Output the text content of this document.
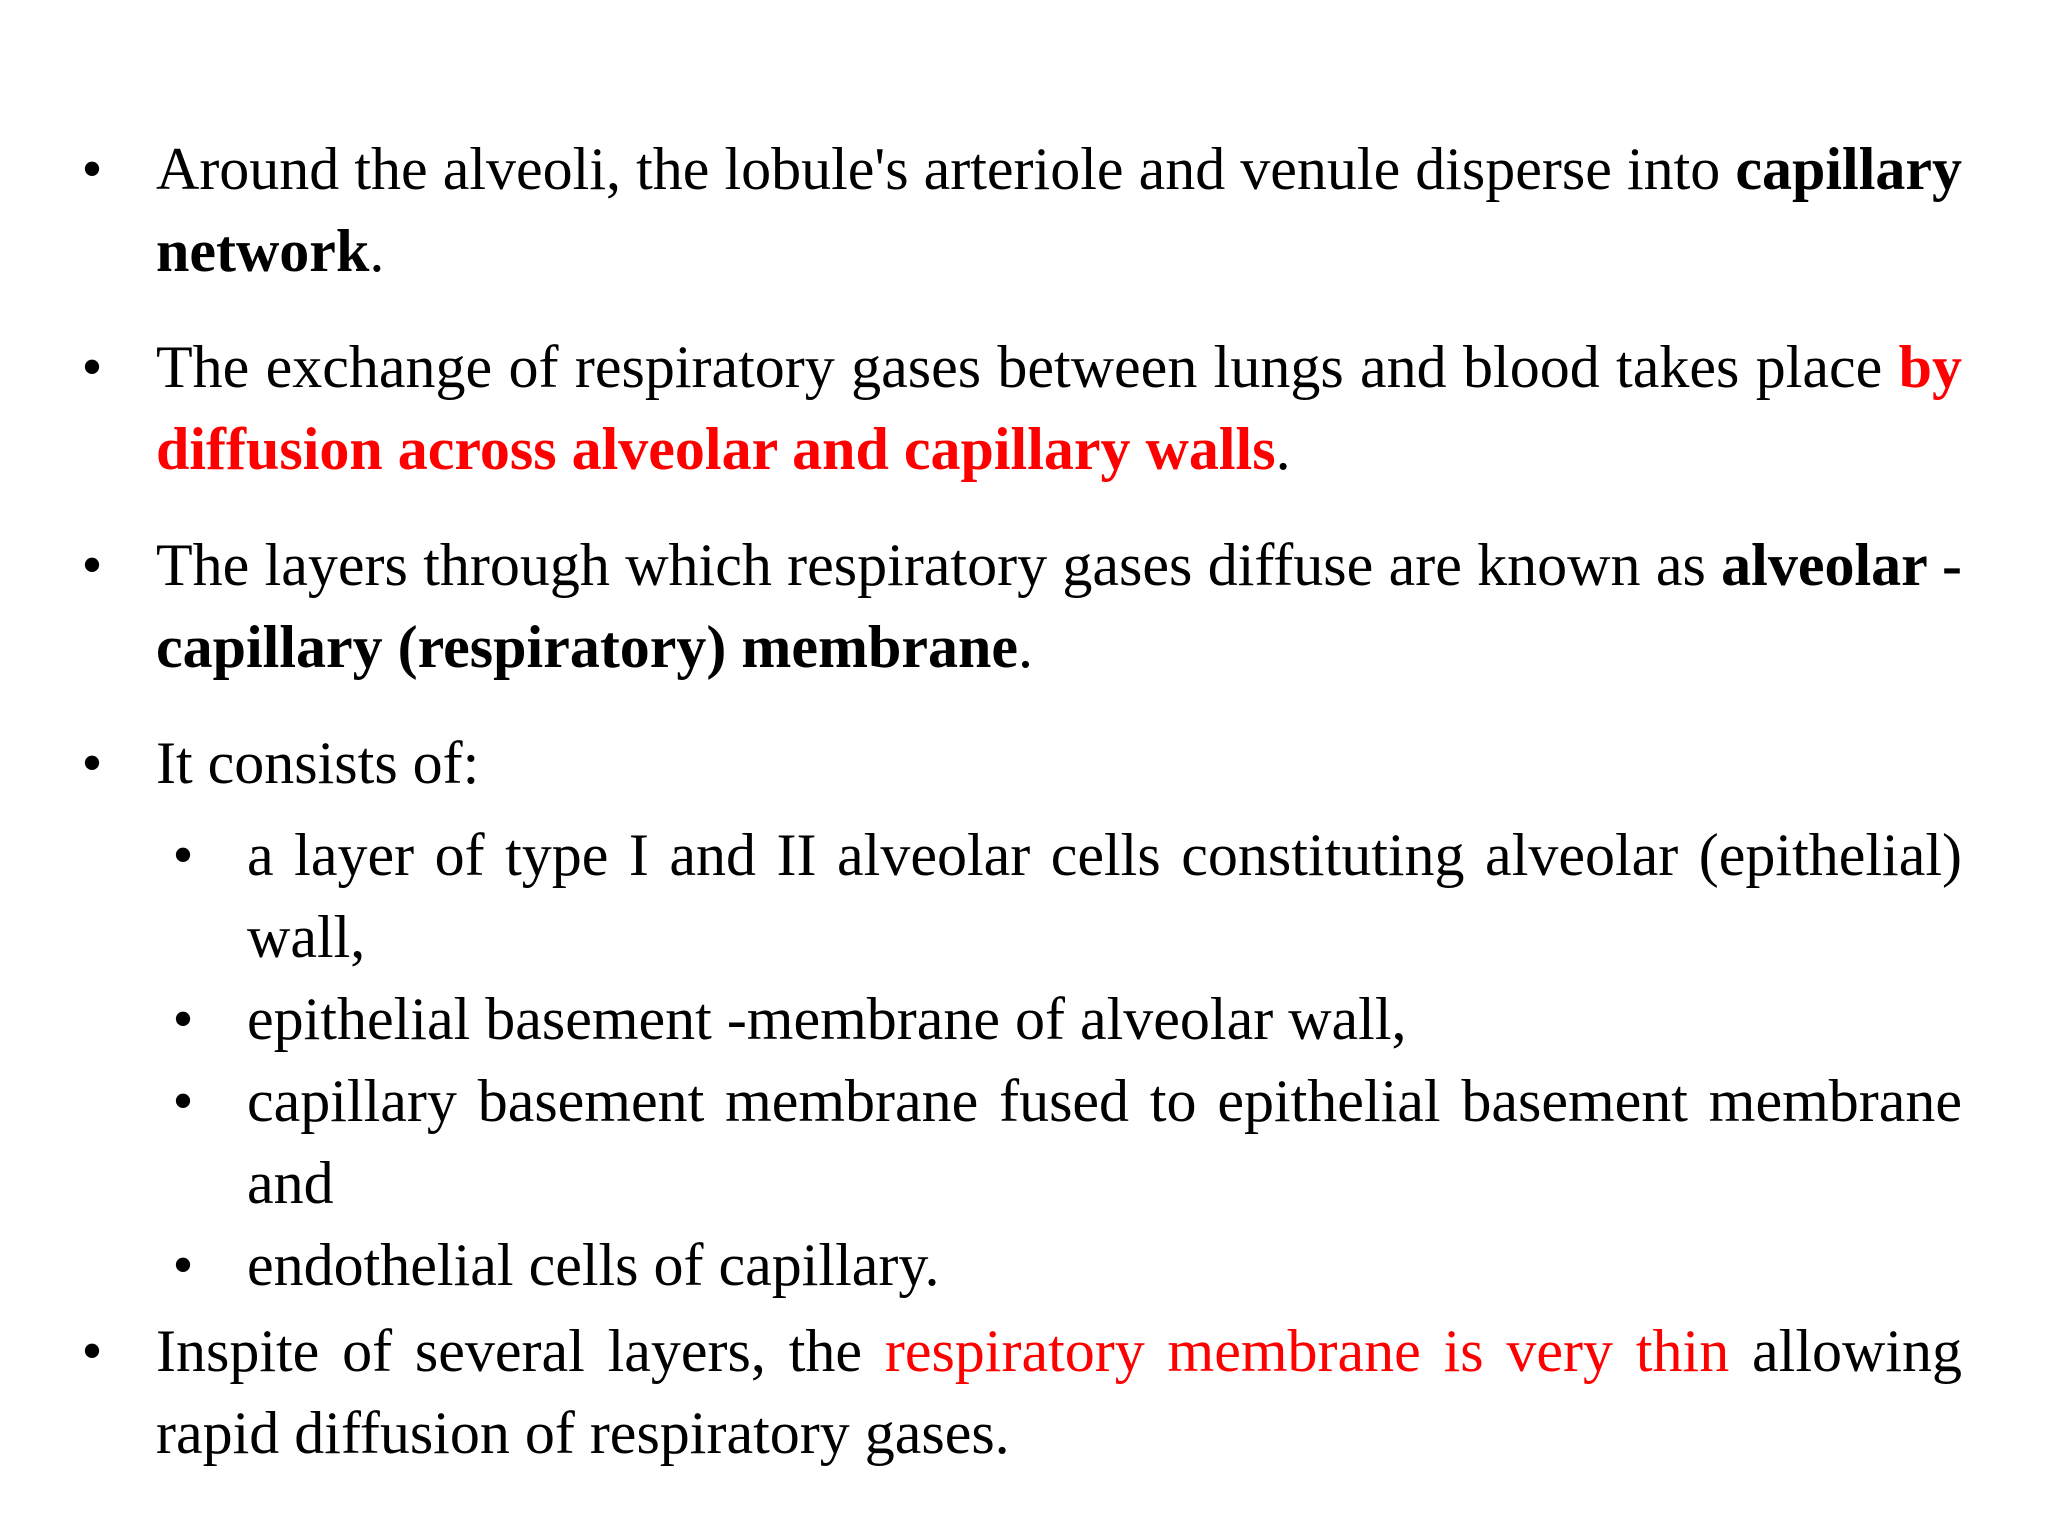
• Around the alveoli, the lobule's arteriole and venule disperse into capillary network.
• The exchange of respiratory gases between lungs and blood takes place by diffusion across alveolar and capillary walls.
• The layers through which respiratory gases diffuse are known as alveolar - capillary (respiratory) membrane.
• It consists of:
• a layer of type I and II alveolar cells constituting alveolar (epithelial) wall,
• epithelial basement -membrane of alveolar wall,
• capillary basement membrane fused to epithelial basement membrane and
• endothelial cells of capillary.
• Inspite of several layers, the respiratory membrane is very thin allowing rapid diffusion of respiratory gases.
